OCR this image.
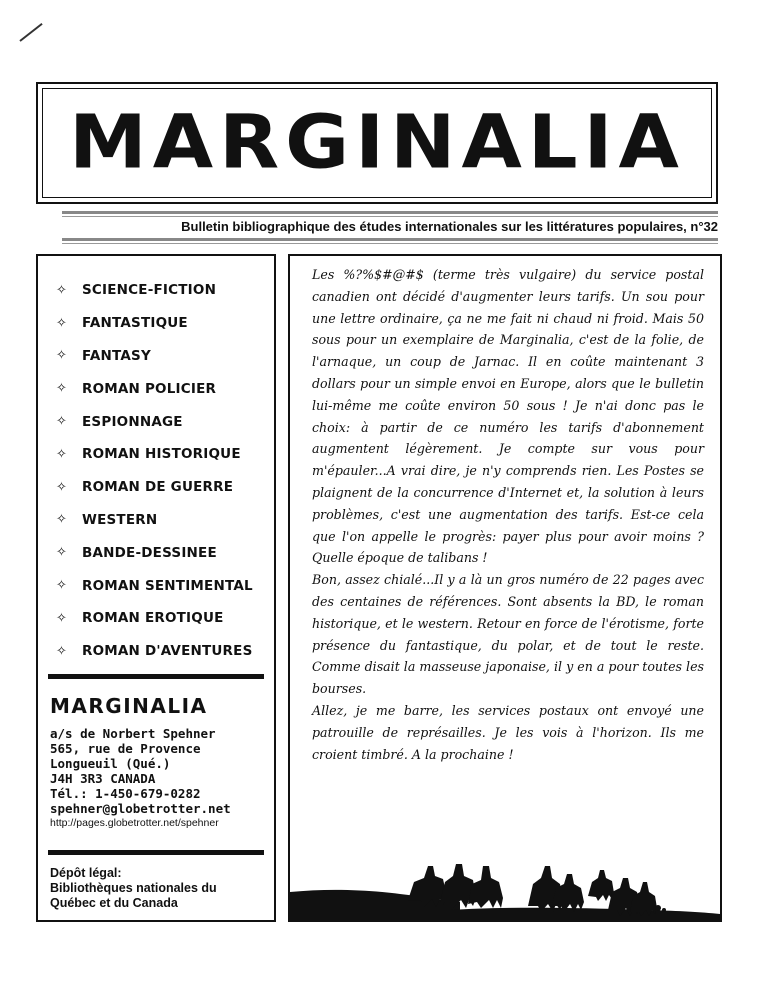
MARGINALIA
Bulletin bibliographique des études internationales sur les littératures populaires, n°32
✧	SCIENCE-FICTION
✧	FANTASTIQUE
✧	FANTASY
✧	ROMAN POLICIER
✧	ESPIONNAGE
✧	ROMAN HISTORIQUE
✧	ROMAN DE GUERRE
✧	WESTERN
✧	BANDE-DESSINEE
✧	ROMAN SENTIMENTAL
✧	ROMAN EROTIQUE
✧	ROMAN D'AVENTURES
MARGINALIA
a/s de Norbert Spehner
565, rue de Provence
Longueuil (Qué.)
J4H 3R3 CANADA
Tél.: 1-450-679-0282
spehner@globetrotter.net
http://pages.globetrotter.net/spehner
Dépôt légal:
Bibliothèques nationales du
Québec et du Canada

Les %?%$#@#$ (terme très vulgaire) du service postal canadien ont décidé d'augmenter leurs tarifs. Un sou pour une lettre ordinaire, ça ne me fait ni chaud ni froid. Mais 50 sous pour un exemplaire de Marginalia, c'est de la folie, de l'arnaque, un coup de Jarnac. Il en coûte maintenant 3 dollars pour un simple envoi en Europe, alors que le bulletin lui-même me coûte environ 50 sous ! Je n'ai donc pas le choix: à partir de ce numéro les tarifs d'abonnement augmentent légèrement. Je compte sur vous pour m'épauler...A vrai dire, je n'y comprends rien. Les Postes se plaignent de la concurrence d'Internet et, la solution à leurs problèmes, c'est une augmentation des tarifs. Est-ce cela que l'on appelle le progrès: payer plus pour avoir moins ? Quelle époque de talibans !

Bon, assez chialé...Il y a là un gros numéro de 22 pages avec des centaines de références. Sont absents la BD, le roman historique, et le western. Retour en force de l'érotisme, forte présence du fantastique, du polar, et de tout le reste. Comme disait la masseuse japonaise, il y en a pour toutes les bourses.

Allez, je me barre, les services postaux ont envoyé une patrouille de représailles. Je les vois à l'horizon. Ils me croient timbré. A la prochaine !
